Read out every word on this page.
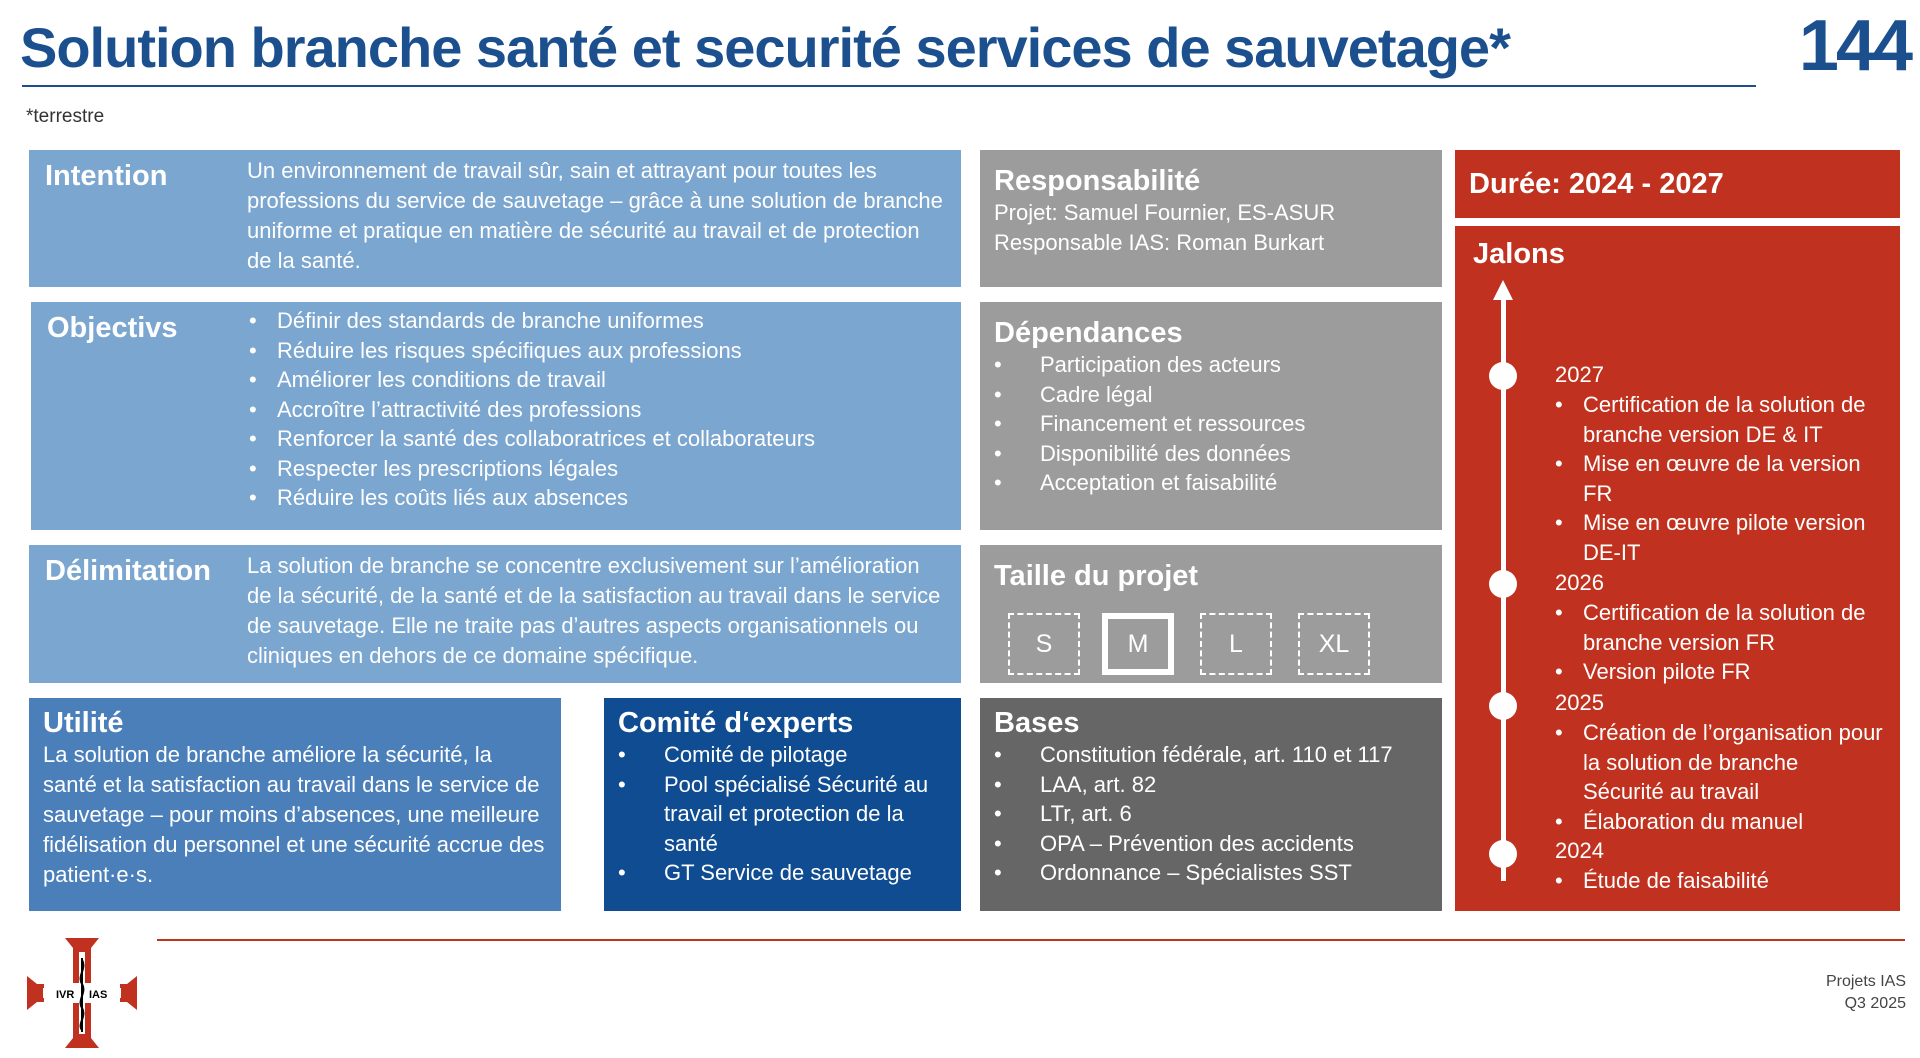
Solution branche santé et securité services de sauvetage*	144
*terrestre
Intention	Un environnement de travail sûr, sain et attrayant pour toutes les professions du service de sauvetage – grâce à une solution de branche uniforme et pratique en matière de sécurité au travail et de protection de la santé.
Objectivs
•	Définir des standards de branche uniformes
• Réduire les risques spécifiques aux professions
• Améliorer les conditions de travail
• Accroître l’attractivité des professions
• Renforcer la santé des collaboratrices et collaborateurs
• Respecter les prescriptions légales
• Réduire les coûts liés aux absences
Délimitation La solution de branche se concentre exclusivement sur l’amélioration de la sécurité, de la santé et de la satisfaction au travail dans le service de sauvetage. Elle ne traite pas d’autres aspects organisationnels ou cliniques en dehors de ce domaine spécifique.
Utilité
La solution de branche améliore la sécurité, la santé et la satisfaction au travail dans le service de sauvetage – pour moins d’absences, une meilleure fidélisation du personnel et une sécurité accrue des patient·e·s.
Comité d‘experts
• Comité de pilotage
• Pool spécialisé Sécurité au travail et protection de la santé
• GT Service de sauvetage
Responsabilité
Projet: Samuel Fournier, ES-ASUR
Responsable IAS: Roman Burkart
Dépendances
• Participation des acteurs
• Cadre légal
• Financement et ressources
• Disponibilité des données
• Acceptation et faisabilité
Taille du projet
S	M	L	XL
Bases
• Constitution fédérale, art. 110 et 117
• LAA, art. 82
• LTr, art. 6
• OPA – Prévention des accidents
• Ordonnance – Spécialistes SST
Durée: 2024 - 2027
Jalons
2027
• Certification de la solution de branche version DE & IT
• Mise en œuvre de la version FR
• Mise en œuvre pilote version DE-IT
2026
• Certification de la solution de branche version FR
• Version pilote FR
2025
• Création de l’organisation pour la solution de branche Sécurité au travail
• Élaboration du manuel
2024
• Étude de faisabilité
IVR IAS
Projets IAS
Q3 2025
